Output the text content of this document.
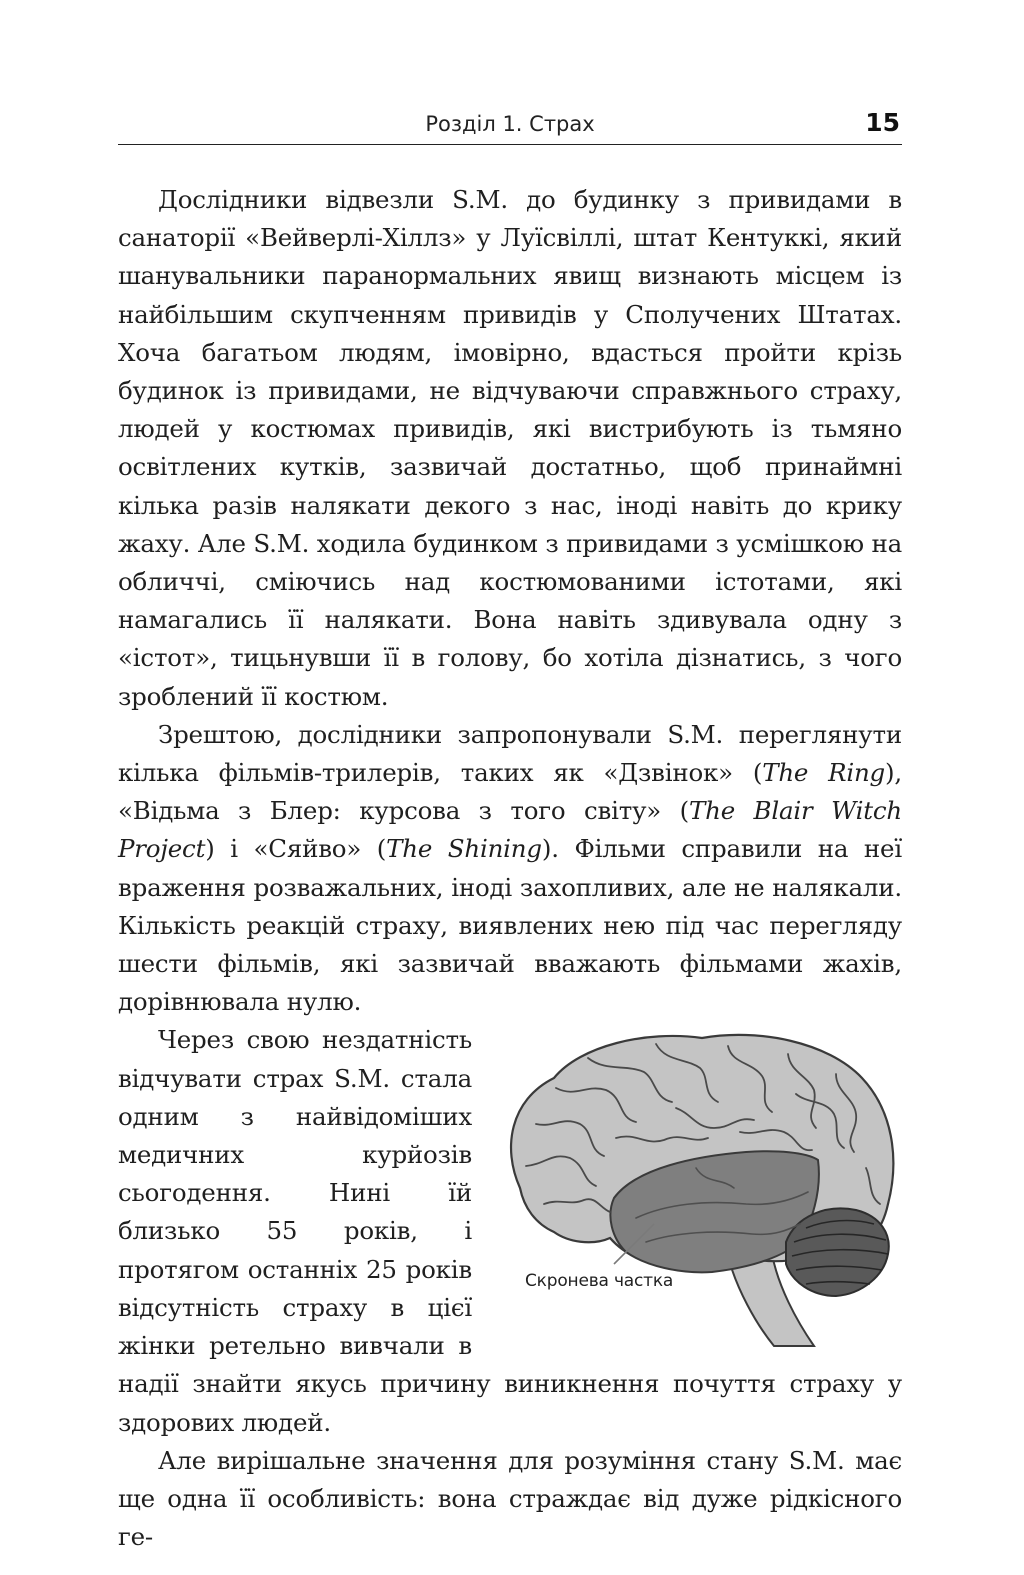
Розділ 1. Страх	15

Дослідники відвезли S.M. до будинку з привидами в санаторії «Вейверлі-Хіллз» у Луїсвіллі, штат Кентуккі, який шанувальники паранормальних явищ визнають місцем із найбільшим скупченням привидів у Сполучених Штатах. Хоча багатьом людям, імовірно, вдасться пройти крізь будинок із привидами, не відчуваючи справжнього страху, людей у костюмах привидів, які вистрибують із тьмяно освітлених кутків, зазвичай достатньо, щоб принаймні кілька разів налякати декого з нас, іноді навіть до крику жаху. Але S.M. ходила будинком з привидами з усмішкою на обличчі, сміючись над костюмованими істотами, які намагались її налякати. Вона навіть здивувала одну з «істот», тицьнувши її в голову, бо хотіла дізнатись, з чого зроблений її костюм.

Зрештою, дослідники запропонували S.M. переглянути кілька фільмів-трилерів, таких як «Дзвінок» (The Ring), «Відьма з Блер: курсова з того світу» (The Blair Witch Project) і «Сяйво» (The Shining). Фільми справили на неї враження розважальних, іноді захопливих, але не налякали. Кількість реакцій страху, виявлених нею під час перегляду шести фільмів, які зазвичай вважають фільмами жахів, дорівнювала нулю.

Скронева частка

Через свою нездатність відчувати страх S.M. стала одним з найвідоміших медичних курйозів сьогодення. Нині їй близько 55 років, і протягом останніх 25 років відсутність страху в цієї жінки ретельно вивчали в надії знайти якусь причину виникнення почуття страху у здорових людей.

Але вирішальне значення для розуміння стану S.M. має ще одна її особливість: вона страждає від дуже рідкісного ге-
